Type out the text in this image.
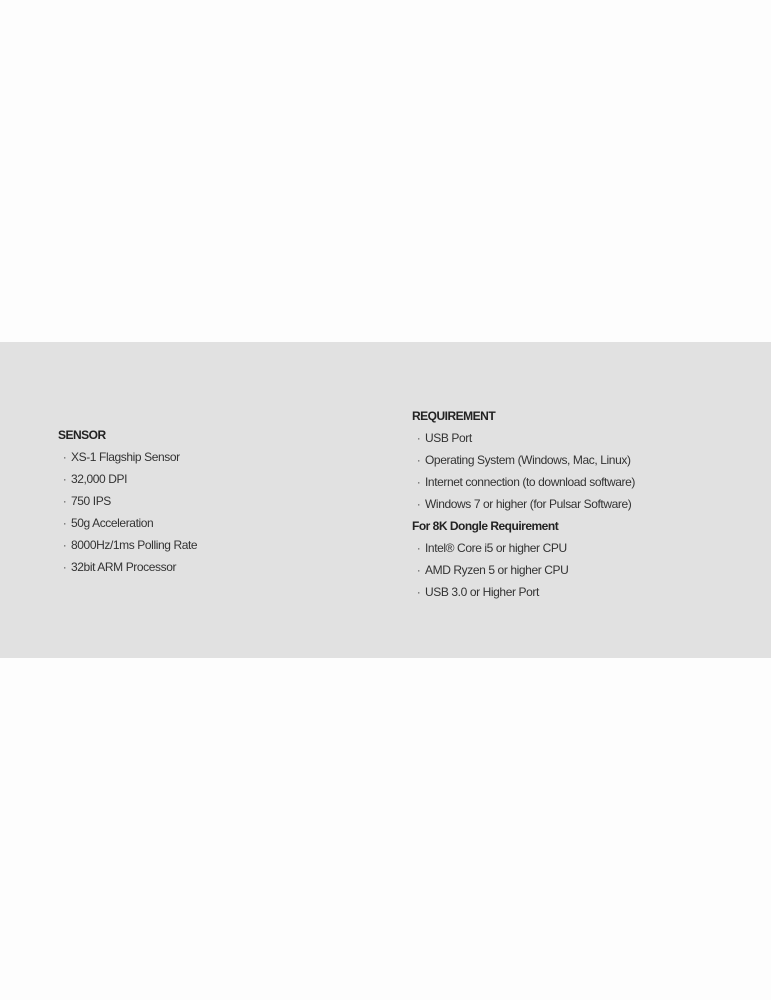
SENSOR
· XS-1 Flagship Sensor
· 32,000 DPI
· 750 IPS
· 50g Acceleration
· 8000Hz/1ms Polling Rate
· 32bit ARM Processor
REQUIREMENT
· USB Port
· Operating System (Windows, Mac, Linux)
· Internet connection (to download software)
· Windows 7 or higher (for Pulsar Software)
For 8K Dongle Requirement
· Intel® Core i5 or higher CPU
· AMD Ryzen 5 or higher CPU
· USB 3.0 or Higher Port
